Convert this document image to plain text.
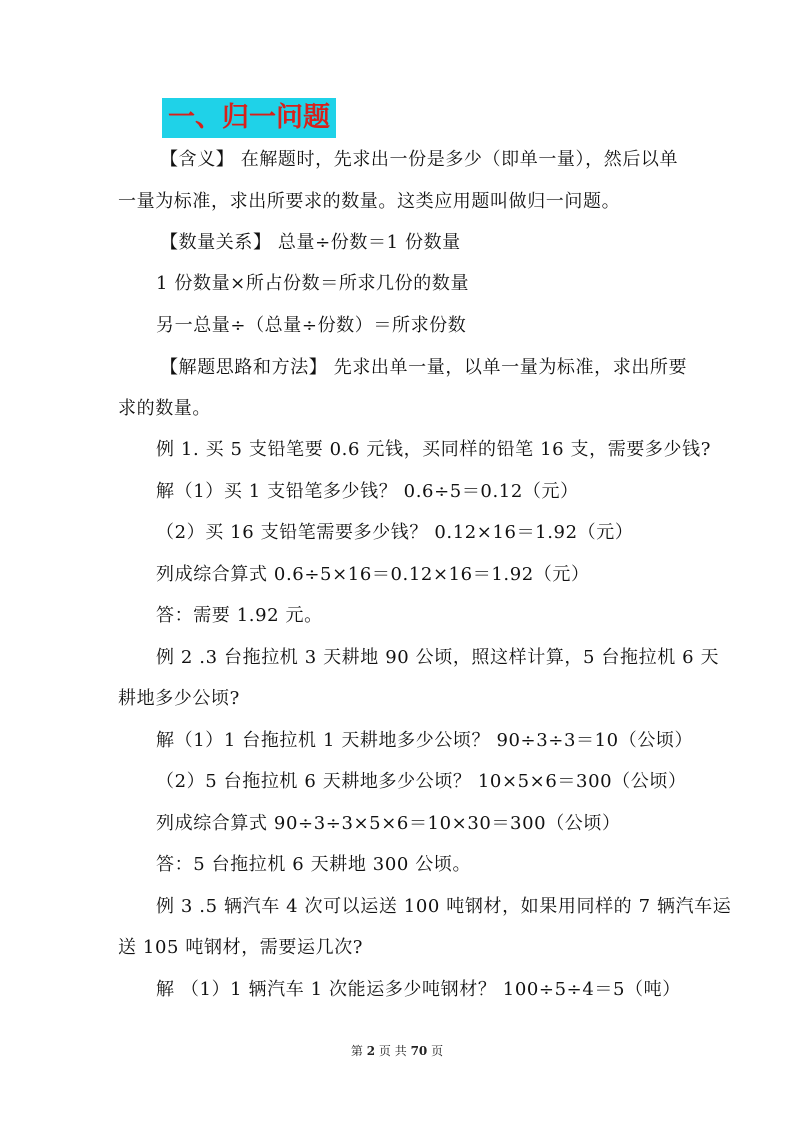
一、归一问题
【含义】 在解题时，先求出一份是多少（即单一量），然后以单
一量为标准，求出所要求的数量。这类应用题叫做归一问题。
【数量关系】 总量÷份数＝1 份数量
1 份数量×所占份数＝所求几份的数量
另一总量÷（总量÷份数）＝所求份数
【解题思路和方法】 先求出单一量，以单一量为标准，求出所要
求的数量。
例 1. 买 5 支铅笔要 0.6 元钱，买同样的铅笔 16 支，需要多少钱?
解（1）买 1 支铅笔多少钱？ 0.6÷5＝0.12（元）
（2）买 16 支铅笔需要多少钱？ 0.12×16＝1.92（元）
列成综合算式 0.6÷5×16＝0.12×16＝1.92（元）
答：需要 1.92 元。
例 2 .3 台拖拉机 3 天耕地 90 公顷，照这样计算，5 台拖拉机 6 天
耕地多少公顷?
解（1）1 台拖拉机 1 天耕地多少公顷？ 90÷3÷3＝10（公顷）
（2）5 台拖拉机 6 天耕地多少公顷？ 10×5×6＝300（公顷）
列成综合算式 90÷3÷3×5×6＝10×30＝300（公顷）
答：5 台拖拉机 6 天耕地 300 公顷。
例 3 .5 辆汽车 4 次可以运送 100 吨钢材，如果用同样的 7 辆汽车运
送 105 吨钢材，需要运几次?
解 （1）1 辆汽车 1 次能运多少吨钢材？ 100÷5÷4＝5（吨）
第 2 页 共 70 页
